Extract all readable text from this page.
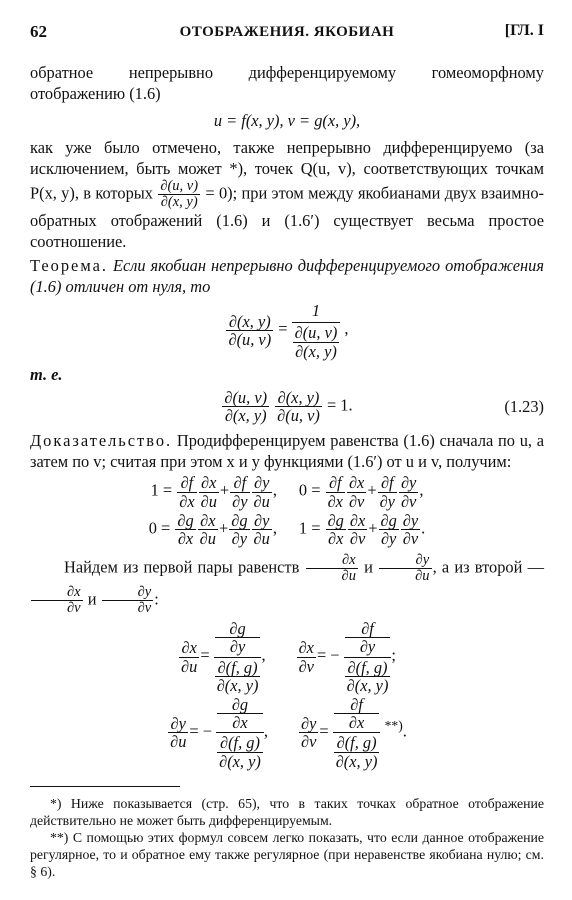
62	ОТОБРАЖЕНИЯ. ЯКОБИАН	[ГЛ. I

обратное непрерывно дифференцируемому гомеоморфному отображению (1.6)

u = f(x, y), v = g(x, y),

как уже было отмечено, также непрерывно дифференцируемо (за исключением, быть может *), точек Q(u, v), соответствующих точкам P(x, y), в которых $\frac{\partial(u, v)}{\partial(x, y)} = 0$); при этом между якобианами двух взаимно-обратных отображений (1.6) и (1.6′) существует весьма простое соотношение.

Теорема. Если якобиан непрерывно дифференцируемого отображения (1.6) отличен от нуля, то

$\frac{\partial(x, y)}{\partial(u, v)} = \frac{1}{\frac{\partial(u, v)}{\partial(x, y)}}$ ,

т. е.

$\frac{\partial(u, v)}{\partial(x, y)}$
$\frac{\partial(x, y)}{\partial(u, v)} = 1$.	(1.23)

Доказательство. Продифференцируем равенства (1.6) сначала по u, а затем по v; считая при этом x и y функциями (1.6′) от u и v, получим:

$1 = \frac{\partial f}{\partial x} \frac{\partial x}{\partial u} + \frac{\partial f}{\partial y} \frac{\partial y}{\partial u}$ , $0 = \frac{\partial f}{\partial x} \frac{\partial x}{\partial v} + \frac{\partial f}{\partial y} \frac{\partial y}{\partial v}$ ,
$0 = \frac{\partial g}{\partial x} \frac{\partial x}{\partial u} + \frac{\partial g}{\partial y} \frac{\partial y}{\partial u}$ , $1 = \frac{\partial g}{\partial x} \frac{\partial x}{\partial v} + \frac{\partial g}{\partial y} \frac{\partial y}{\partial v}$ .

Найдем из первой пары равенств $\frac{\partial x}{\partial u}$ и $\frac{\partial y}{\partial u}$ , а из второй —
$\frac{\partial x}{\partial v}$ и $\frac{\partial y}{\partial v}$ :

$\frac{\partial x}{\partial u} = \frac{\frac{\partial g}{\partial y}}{\frac{\partial(f, g)}{\partial(x, y)}}$ , $\frac{\partial x}{\partial v}$ = − $\frac{\frac{\partial f}{\partial y}}{\frac{\partial(f, g)}{\partial(x, y)}}$ ;
$\frac{\partial y}{\partial u}$ = − $\frac{\frac{\partial g}{\partial x}}{\frac{\partial(f, g)}{\partial(x, y)}}$ , $\frac{\partial y}{\partial v} = \frac{\frac{\partial f}{\partial x}}{\frac{\partial(f, g)}{\partial(x, y)}} ^{**)}$.

*) Ниже показывается (стр. 65), что в таких точках обратное отображение действительно не может быть дифференцируемым.

**) С помощью этих формул совсем легко показать, что если данное отображение регулярное, то и обратное ему также регулярное (при неравенстве якобиана нулю; см. § 6).
